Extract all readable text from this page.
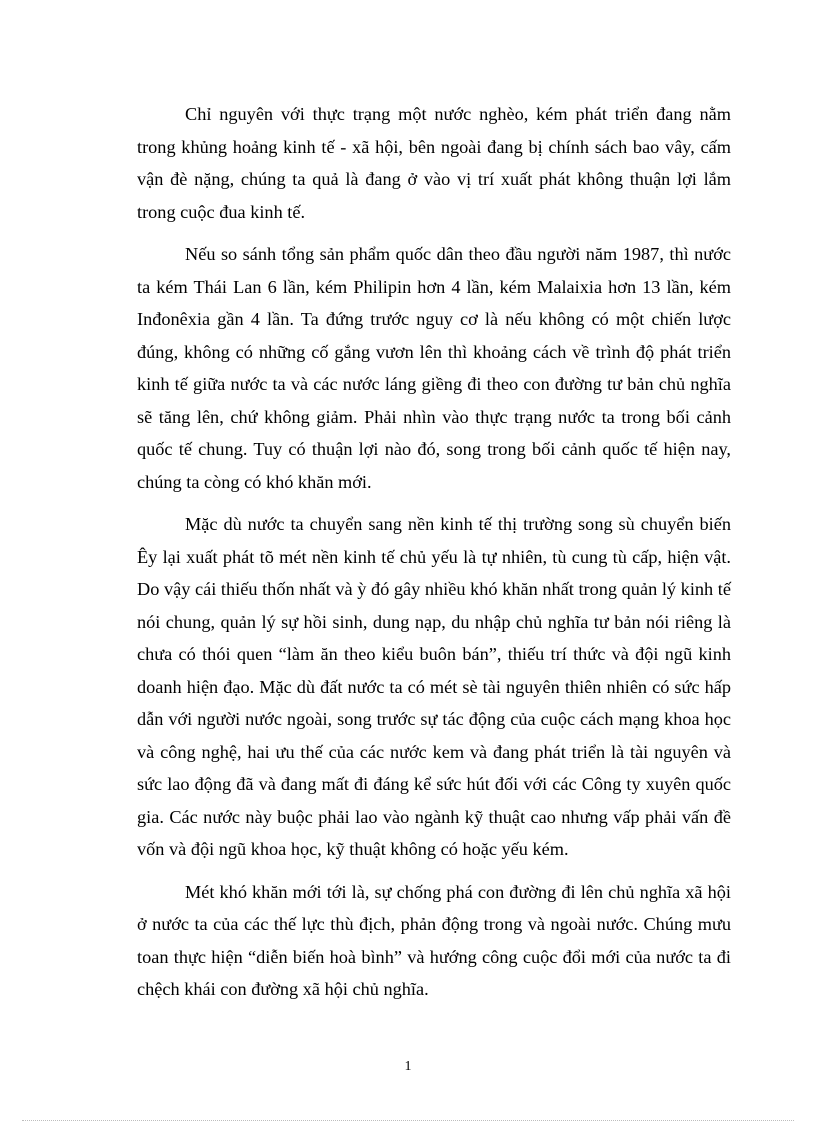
Chỉ nguyên với thực trạng một nước nghèo, kém phát triển đang nằm trong khủng hoảng kinh tế - xã hội, bên ngoài đang bị chính sách bao vây, cấm vận đè nặng, chúng ta quả là đang ở vào vị trí xuất phát không thuận lợi lắm trong cuộc đua kinh tế.

Nếu so sánh tổng sản phẩm quốc dân theo đầu người năm 1987, thì nước ta kém Thái Lan 6 lần, kém Philipin hơn 4 lần, kém Malaixia hơn 13 lần, kém Inđonêxia gần 4 lần. Ta đứng trước nguy cơ là nếu không có một chiến lược đúng, không có những cố gắng vươn lên thì khoảng cách về trình độ phát triển kinh tế giữa nước ta và các nước láng giềng đi theo con đường tư bản chủ nghĩa sẽ tăng lên, chứ không giảm. Phải nhìn vào thực trạng nước ta trong bối cảnh quốc tế chung. Tuy có thuận lợi nào đó, song trong bối cảnh quốc tế hiện nay, chúng ta còng có khó khăn mới.

Mặc dù nước ta chuyển sang nền kinh tế thị trường song sù chuyển biến Êy lại xuất phát tõ mét nền kinh tế chủ yếu là tự nhiên, tù cung tù cấp, hiện vật. Do vậy cái thiếu thốn nhất và ỳ đó gây nhiều khó khăn nhất trong quản lý kinh tế nói chung, quản lý sự hồi sinh, dung nạp, du nhập chủ nghĩa tư bản nói riêng là chưa có thói quen “làm ăn theo kiểu buôn bán”, thiếu trí thức và đội ngũ kinh doanh hiện đạo. Mặc dù đất nước ta có mét sè tài nguyên thiên nhiên có sức hấp dẫn với người nước ngoài, song trước sự tác động của cuộc cách mạng khoa học và công nghệ, hai ưu thế của các nước kem và đang phát triển là tài nguyên và sức lao động đã và đang mất đi đáng kể sức hút đối với các Công ty xuyên quốc gia. Các nước này buộc phải lao vào ngành kỹ thuật cao nhưng vấp phải vấn đề vốn và đội ngũ khoa học, kỹ thuật không có hoặc yếu kém.

Mét khó khăn mới tới là, sự chống phá con đường đi lên chủ nghĩa xã hội ở nước ta của các thế lực thù địch, phản động trong và ngoài nước. Chúng mưu toan thực hiện “diễn biến hoà bình” và hướng công cuộc đổi mới của nước ta đi chệch khái con đường xã hội chủ nghĩa.

1
